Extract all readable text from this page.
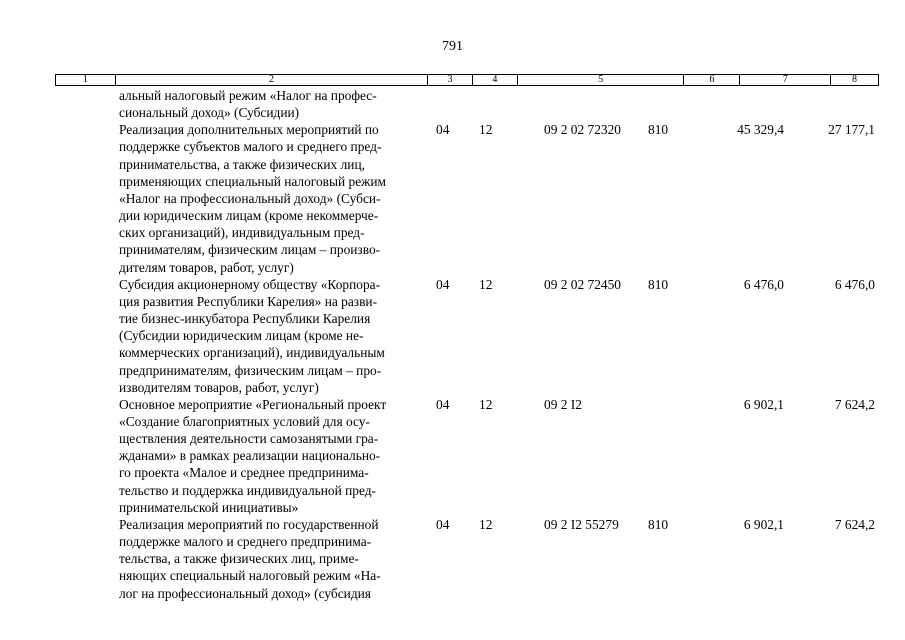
791
1	2	3	4	5	6	7	8
альный налоговый режим «Налог на профес-
сиональный доход» (Субсидии)
Реализация дополнительных мероприятий по
поддержке субъектов малого и среднего пред-
принимательства, а также физических лиц,
применяющих специальный налоговый режим
«Налог на профессиональный доход» (Субси-
дии юридическим лицам (кроме некоммерче-
ских организаций), индивидуальным пред-
принимателям, физическим лицам – произво-
дителям товаров, работ, услуг)
04 12	09 2 02 72320 810	45 329,4	27 177,1
Субсидия акционерному обществу «Корпора-
ция развития Республики Карелия» на разви-
тие бизнес-инкубатора Республики Карелия
(Субсидии юридическим лицам (кроме не-
коммерческих организаций), индивидуальным
предпринимателям, физическим лицам – про-
изводителям товаров, работ, услуг)
04 12	09 2 02 72450 810	6 476,0	6 476,0
Основное мероприятие «Региональный проект
«Создание благоприятных условий для осу-
ществления деятельности самозанятыми гра-
жданами» в рамках реализации национально-
го проекта «Малое и среднее предпринима-
тельство и поддержка индивидуальной пред-
принимательской инициативы»
04 12	09 2 I2	6 902,1	7 624,2
Реализация мероприятий по государственной
поддержке малого и среднего предпринима-
тельства, а также физических лиц, приме-
няющих специальный налоговый режим «На-
лог на профессиональный доход» (субсидия
04 12	09 2 I2 55279 810	6 902,1	7 624,2
